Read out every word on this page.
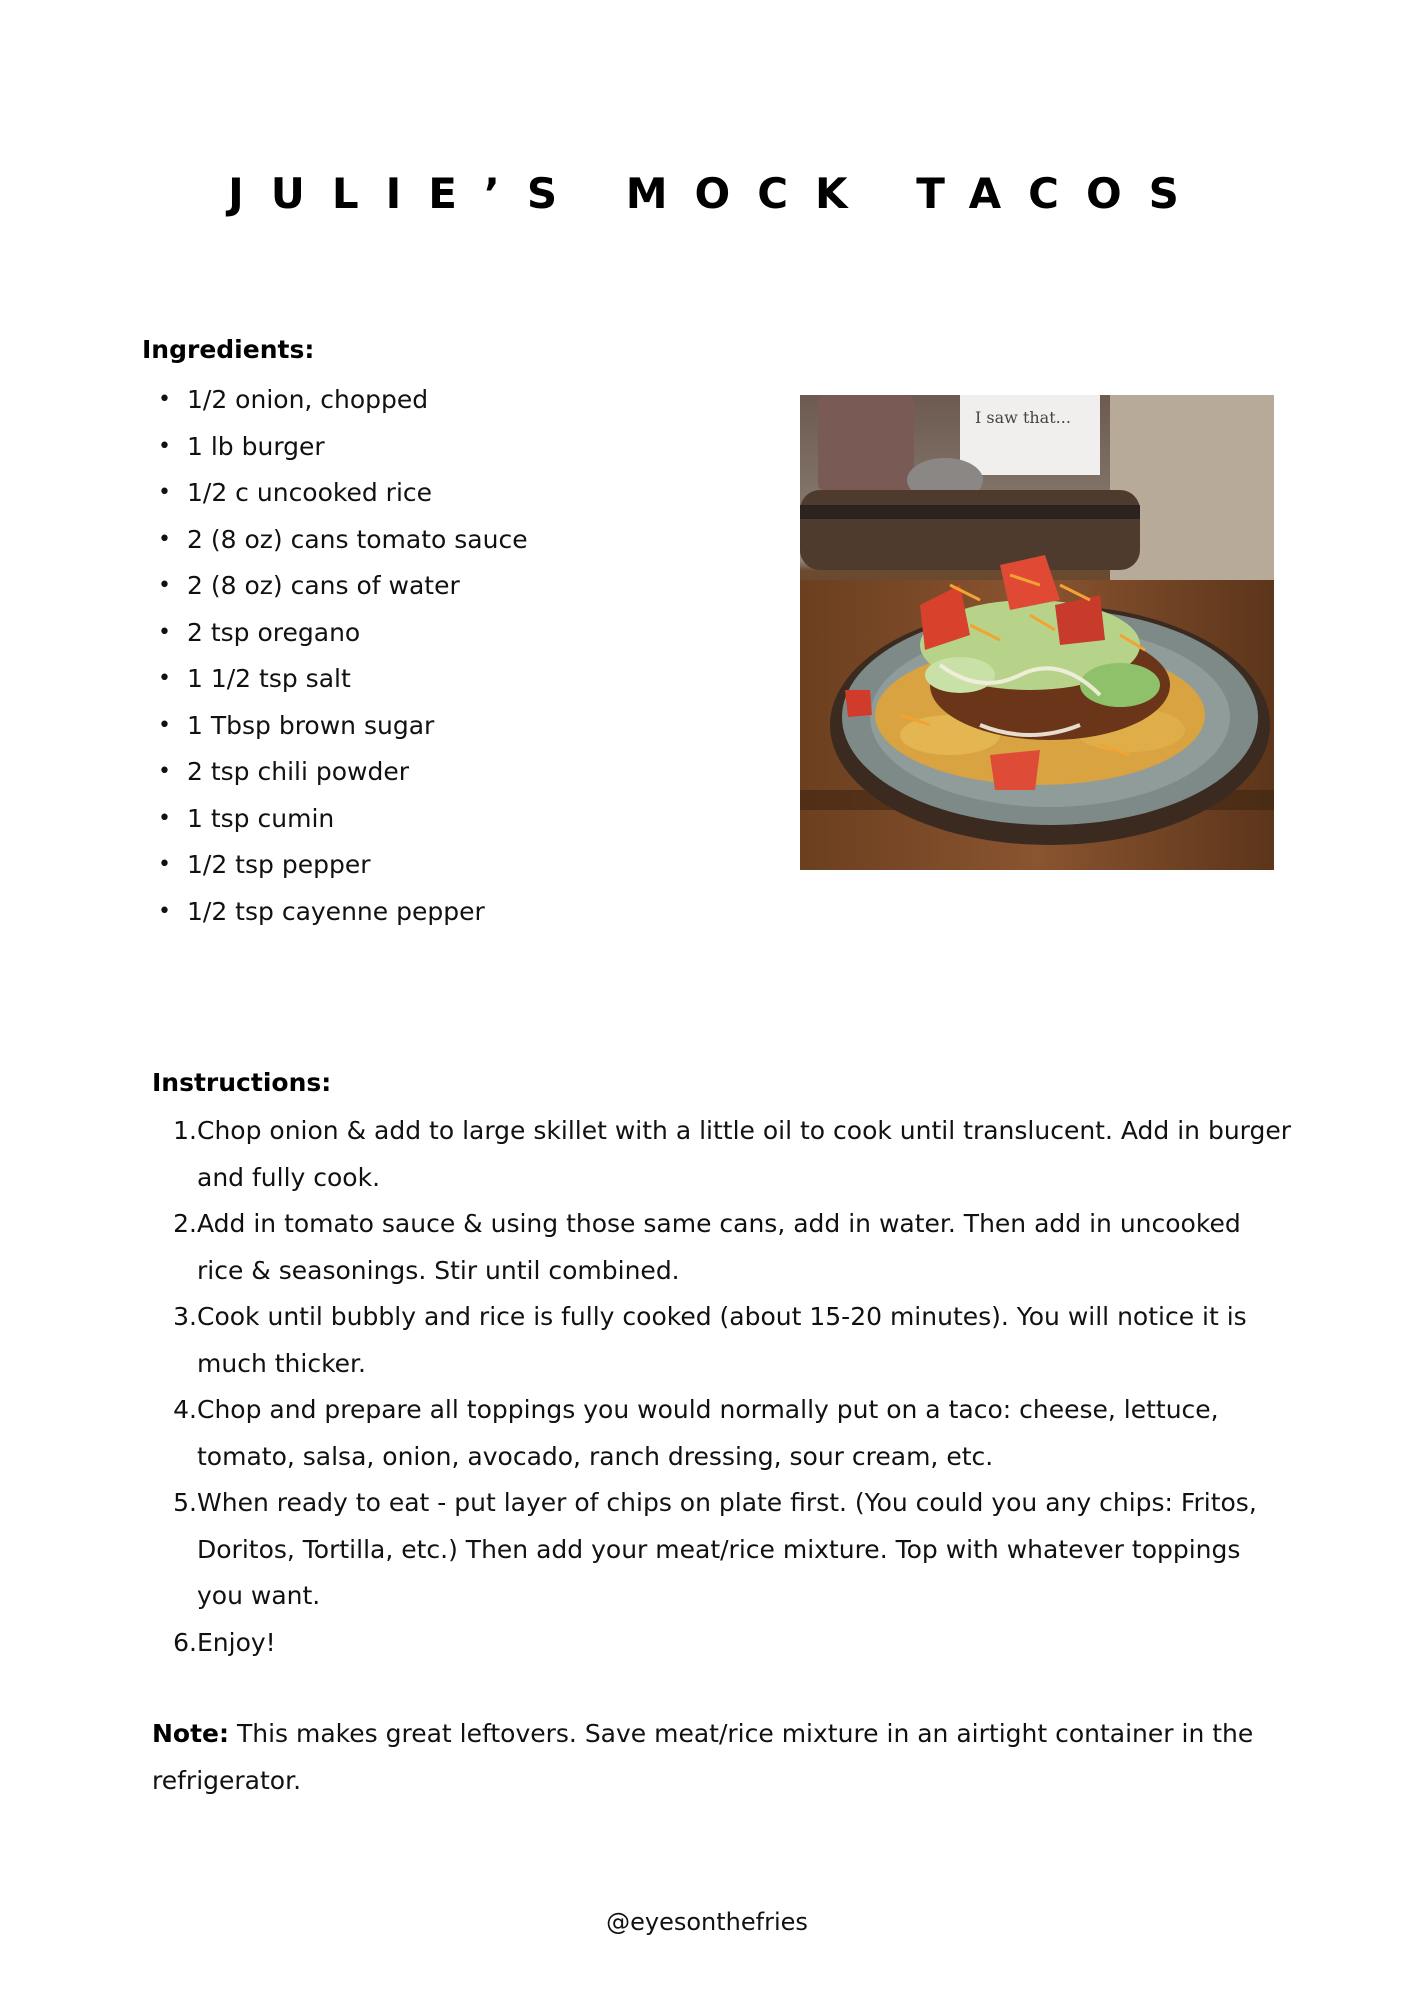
JULIE’S MOCK TACOS
Ingredients:
• 1/2 onion, chopped
• 1 lb burger
• 1/2 c uncooked rice
• 2 (8 oz) cans tomato sauce
• 2 (8 oz) cans of water
• 2 tsp oregano
• 1 1/2 tsp salt
• 1 Tbsp brown sugar
• 2 tsp chili powder
• 1 tsp cumin
• 1/2 tsp pepper
• 1/2 tsp cayenne pepper
I saw that...
Instructions:
1. Chop onion & add to large skillet with a little oil to cook until translucent. Add in burger and fully cook.
2. Add in tomato sauce & using those same cans, add in water. Then add in uncooked rice & seasonings. Stir until combined.
3. Cook until bubbly and rice is fully cooked (about 15-20 minutes). You will notice it is much thicker.
4. Chop and prepare all toppings you would normally put on a taco: cheese, lettuce, tomato, salsa, onion, avocado, ranch dressing, sour cream, etc.
5. When ready to eat - put layer of chips on plate first. (You could you any chips: Fritos, Doritos, Tortilla, etc.) Then add your meat/rice mixture. Top with whatever toppings you want.
6. Enjoy!
Note: This makes great leftovers. Save meat/rice mixture in an airtight container in the refrigerator.
@eyesonthefries
